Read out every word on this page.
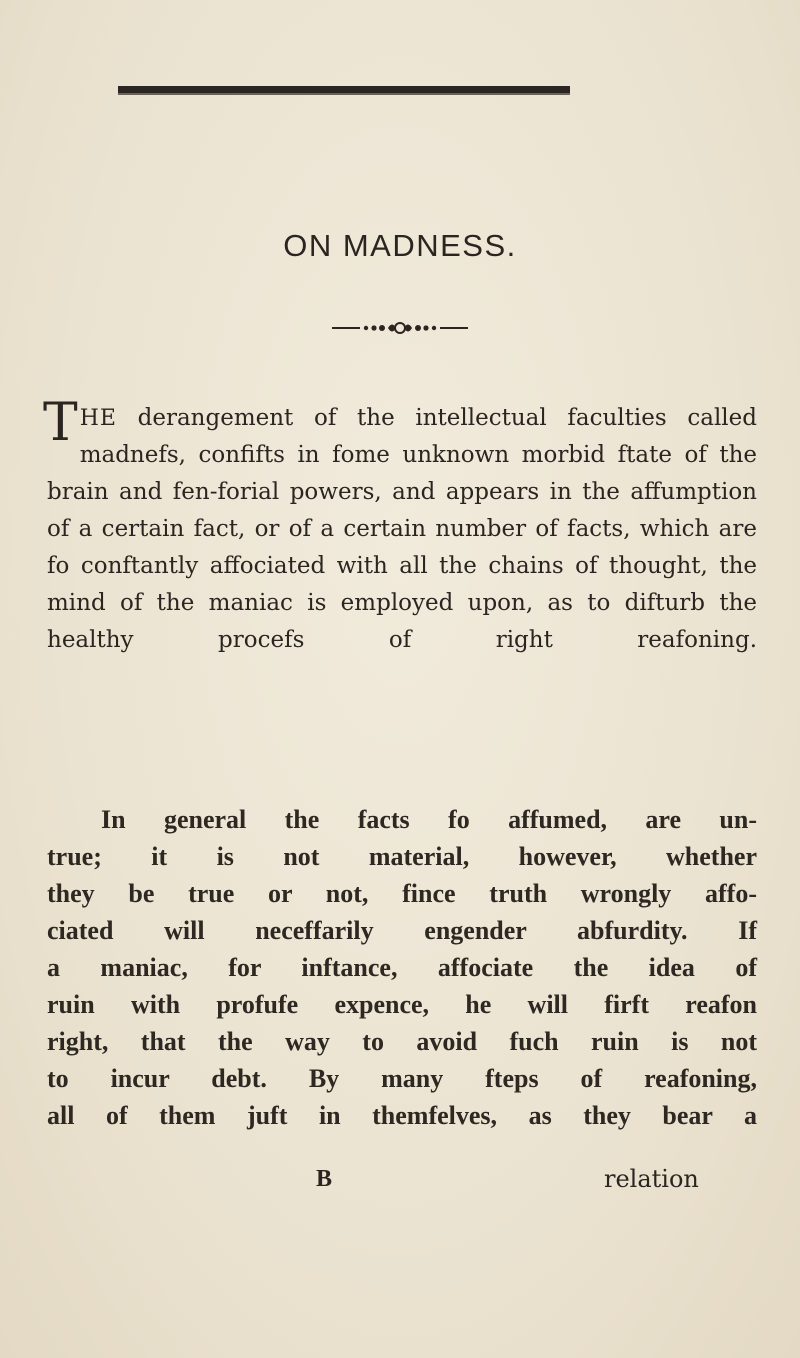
ON MADNESS.

THE derangement of the intellectual faculties called madnefs, confifts in fome unknown morbid ftate of the brain and fen-forial powers, and appears in the affumption of a certain fact, or of a certain number of facts, which are fo conftantly affociated with all the chains of thought, the mind of the maniac is employed upon, as to difturb the healthy procefs of right reafoning.

In general the facts fo affumed, are un-
true; it is not material, however, whether
they be true or not, fince truth wrongly affo-
ciated will neceffarily engender abfurdity. If
a maniac, for inftance, affociate the idea of
ruin with profufe expence, he will firft reafon
right, that the way to avoid fuch ruin is not
to incur debt. By many fteps of reafoning,
all of them juft in themfelves, as they bear a
B	relation
